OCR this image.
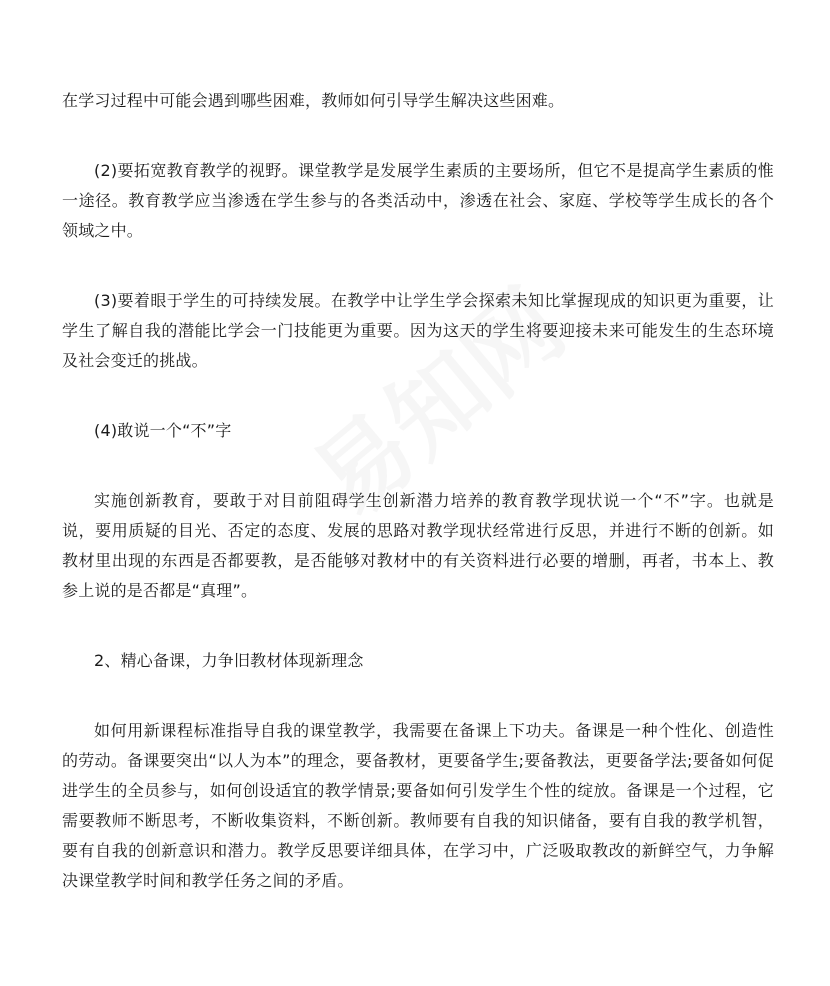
在学习过程中可能会遇到哪些困难，教师如何引导学生解决这些困难。

(2)要拓宽教育教学的视野。课堂教学是发展学生素质的主要场所，但它不是提高学生素质的惟一途径。教育教学应当渗透在学生参与的各类活动中，渗透在社会、家庭、学校等学生成长的各个领域之中。

(3)要着眼于学生的可持续发展。在教学中让学生学会探索未知比掌握现成的知识更为重要，让学生了解自我的潜能比学会一门技能更为重要。因为这天的学生将要迎接未来可能发生的生态环境及社会变迁的挑战。

(4)敢说一个“不”字

实施创新教育，要敢于对目前阻碍学生创新潜力培养的教育教学现状说一个“不”字。也就是说，要用质疑的目光、否定的态度、发展的思路对教学现状经常进行反思，并进行不断的创新。如教材里出现的东西是否都要教，是否能够对教材中的有关资料进行必要的增删，再者，书本上、教参上说的是否都是“真理”。

2、精心备课，力争旧教材体现新理念

如何用新课程标准指导自我的课堂教学，我需要在备课上下功夫。备课是一种个性化、创造性的劳动。备课要突出“以人为本”的理念，要备教材，更要备学生;要备教法，更要备学法;要备如何促进学生的全员参与，如何创设适宜的教学情景;要备如何引发学生个性的绽放。备课是一个过程，它需要教师不断思考，不断收集资料，不断创新。教师要有自我的知识储备，要有自我的教学机智，要有自我的创新意识和潜力。教学反思要详细具体，在学习中，广泛吸取教改的新鲜空气，力争解决课堂教学时间和教学任务之间的矛盾。
